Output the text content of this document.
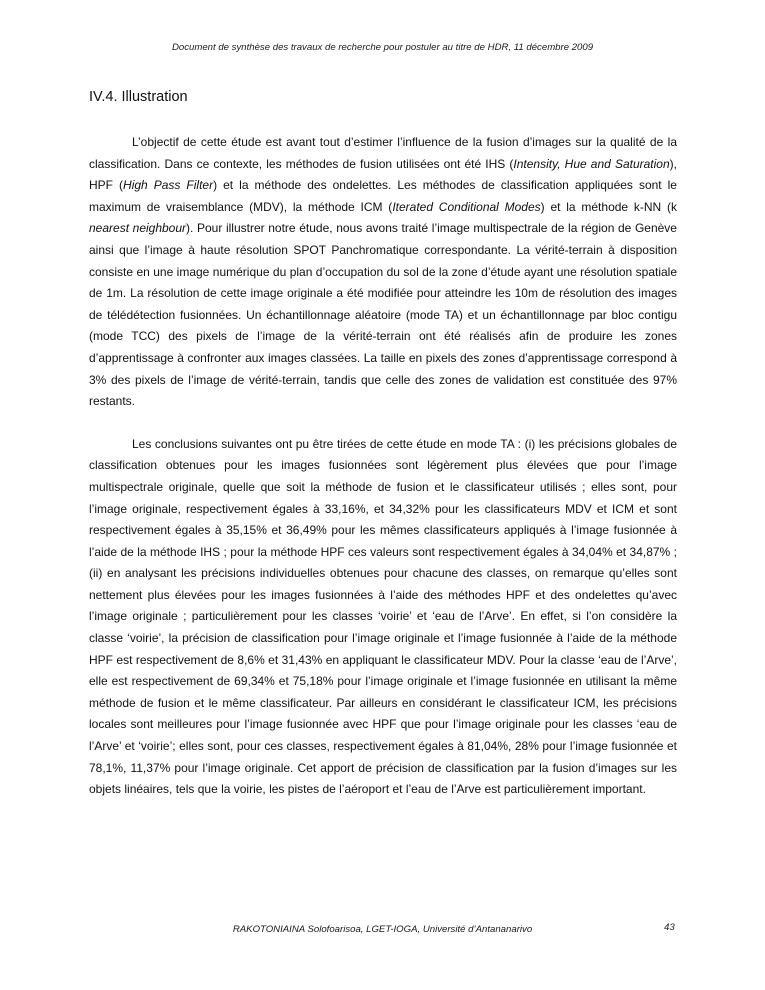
Document de synthèse des travaux de recherche pour postuler au titre de HDR, 11 décembre 2009
IV.4. Illustration

L’objectif de cette étude est avant tout d’estimer l’influence de la fusion d’images sur la qualité de la classification. Dans ce contexte, les méthodes de fusion utilisées ont été IHS (Intensity, Hue and Saturation), HPF (High Pass Filter) et la méthode des ondelettes. Les méthodes de classification appliquées sont le maximum de vraisemblance (MDV), la méthode ICM (Iterated Conditional Modes) et la méthode k-NN (k nearest neighbour). Pour illustrer notre étude, nous avons traité l’image multispectrale de la région de Genève ainsi que l’image à haute résolution SPOT Panchromatique correspondante. La vérité-terrain à disposition consiste en une image numérique du plan d’occupation du sol de la zone d’étude ayant une résolution spatiale de 1m. La résolution de cette image originale a été modifiée pour atteindre les 10m de résolution des images de télédétection fusionnées. Un échantillonnage aléatoire (mode TA) et un échantillonnage par bloc contigu (mode TCC) des pixels de l’image de la vérité-terrain ont été réalisés afin de produire les zones d’apprentissage à confronter aux images classées. La taille en pixels des zones d’apprentissage correspond à 3% des pixels de l’image de vérité-terrain, tandis que celle des zones de validation est constituée des 97% restants.

Les conclusions suivantes ont pu être tirées de cette étude en mode TA : (i) les précisions globales de classification obtenues pour les images fusionnées sont légèrement plus élevées que pour l’image multispectrale originale, quelle que soit la méthode de fusion et le classificateur utilisés ; elles sont, pour l’image originale, respectivement égales à 33,16%, et 34,32% pour les classificateurs MDV et ICM et sont respectivement égales à 35,15% et 36,49% pour les mêmes classificateurs appliqués à l’image fusionnée à l’aide de la méthode IHS ; pour la méthode HPF ces valeurs sont respectivement égales à 34,04% et 34,87% ; (ii) en analysant les précisions individuelles obtenues pour chacune des classes, on remarque qu’elles sont nettement plus élevées pour les images fusionnées à l’aide des méthodes HPF et des ondelettes qu’avec l’image originale ; particulièrement pour les classes ‘voirie’ et ‘eau de l’Arve’. En effet, si l’on considère la classe ‘voirie’, la précision de classification pour l’image originale et l’image fusionnée à l’aide de la méthode HPF est respectivement de 8,6% et 31,43% en appliquant le classificateur MDV. Pour la classe ‘eau de l’Arve’, elle est respectivement de 69,34% et 75,18% pour l’image originale et l’image fusionnée en utilisant la même méthode de fusion et le même classificateur. Par ailleurs en considérant le classificateur ICM, les précisions locales sont meilleures pour l’image fusionnée avec HPF que pour l’image originale pour les classes ‘eau de l’Arve’ et ‘voirie’; elles sont, pour ces classes, respectivement égales à 81,04%, 28% pour l’image fusionnée et 78,1%, 11,37% pour l’image originale. Cet apport de précision de classification par la fusion d’images sur les objets linéaires, tels que la voirie, les pistes de l’aéroport et l’eau de l’Arve est particulièrement important.

RAKOTONIAINA Solofoarisoa, LGET-IOGA, Université d’Antananarivo	43
